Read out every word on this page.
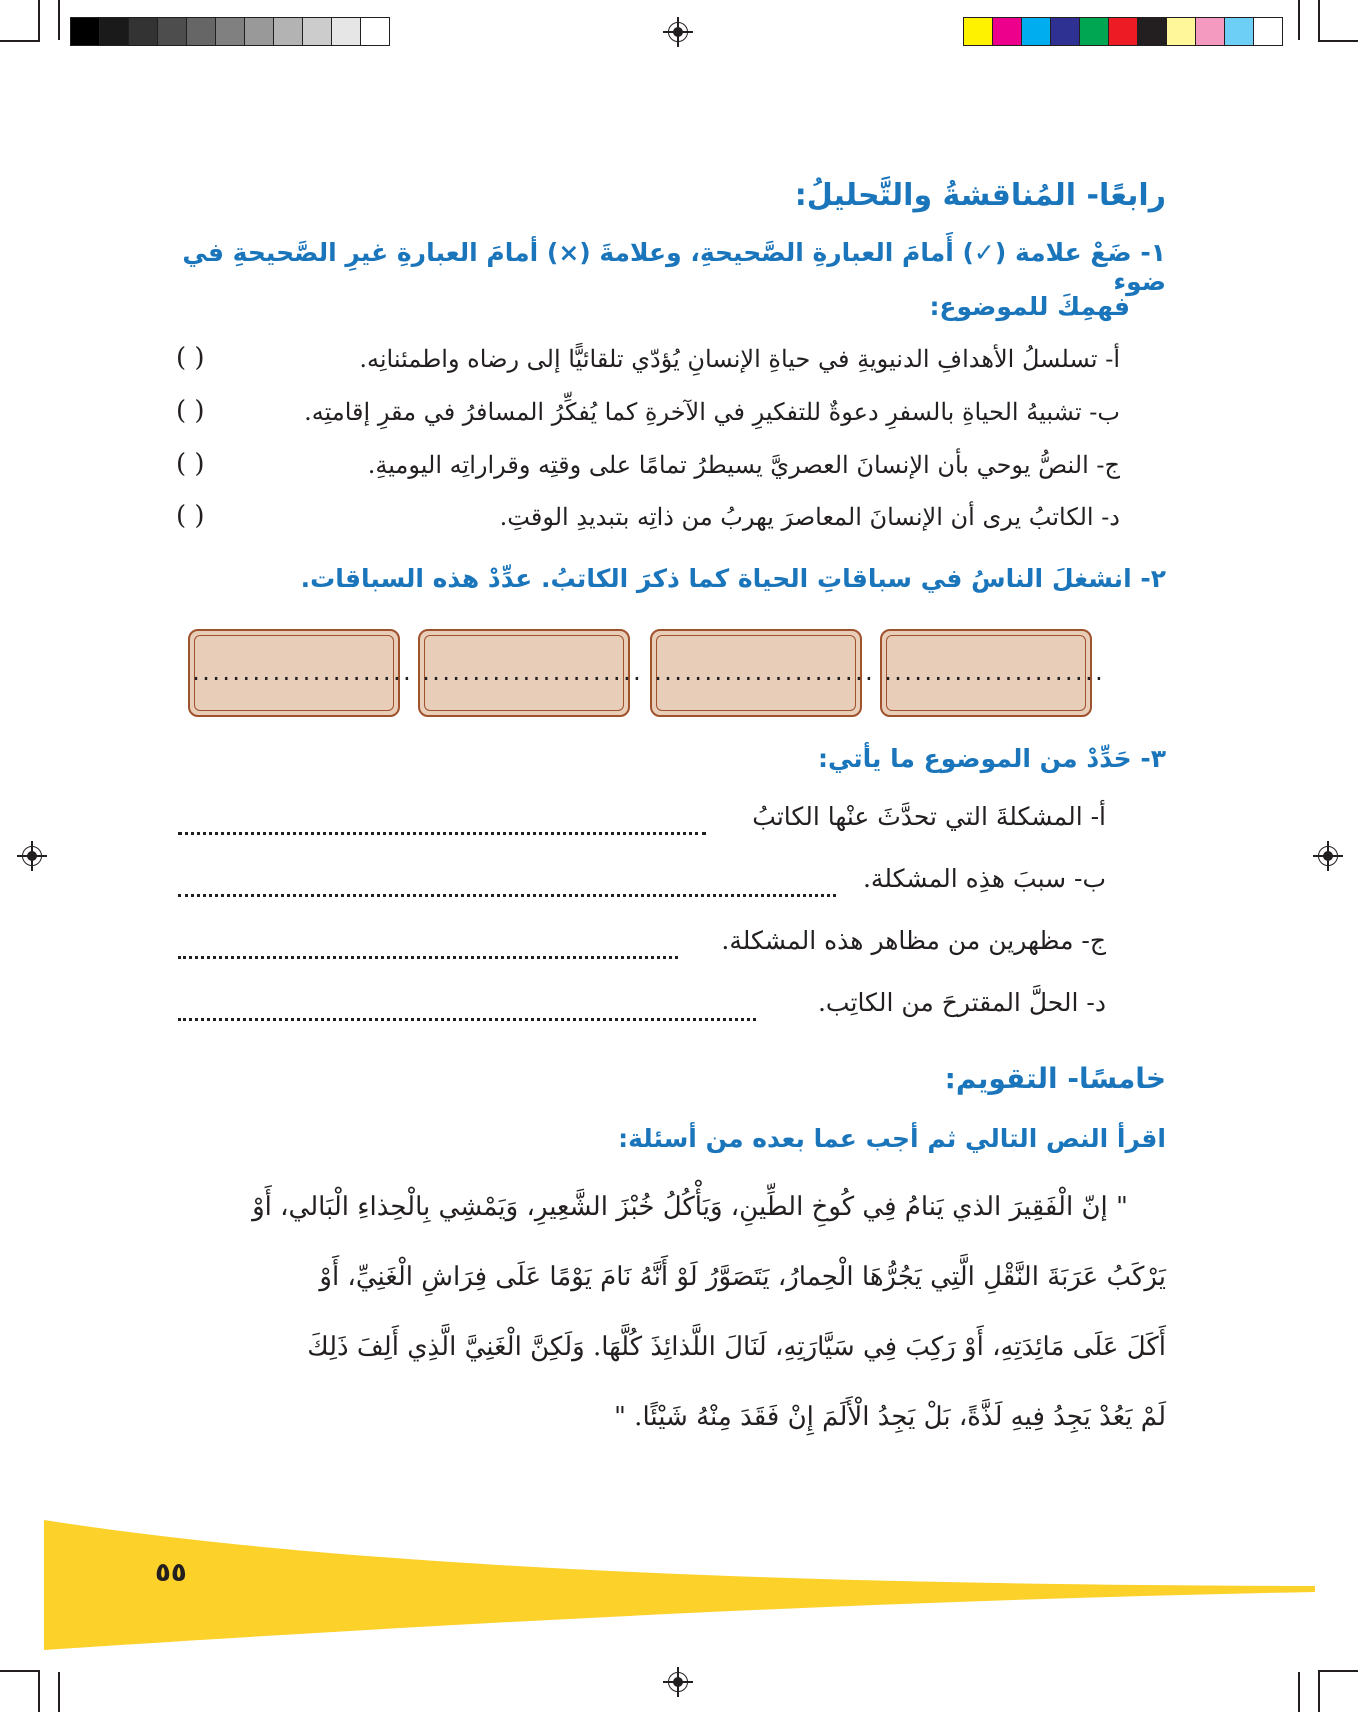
رابعًا- المُناقشةُ والتَّحليلُ:
١- ضَعْ علامة (✓) أَمامَ العبارةِ الصَّحيحةِ، وعلامةَ (×) أمامَ العبارةِ غيرِ الصَّحيحةِ في ضوء
فهمِكَ للموضوع:
أ- تسلسلُ الأهدافِ الدنيويةِ في حياةِ الإنسانِ يُؤدّي تلقائيًّا إلى رضاه واطمئنانِه.
ب- تشبيهُ الحياةِ بالسفرِ دعوةٌ للتفكيرِ في الآخرةِ كما يُفكِّرُ المسافرُ في مقرِ إقامتِه.
ج- النصُّ يوحي بأن الإنسانَ العصريَّ يسيطرُ تمامًا على وقتِه وقراراتِه اليوميةِ.
د- الكاتبُ يرى أن الإنسانَ المعاصرَ يهربُ من ذاتِه بتبديدِ الوقتِ.
( )
( )
( )
( )
٢- انشغلَ الناسُ في سباقاتِ الحياة كما ذكرَ الكاتبُ. عدِّدْ هذه السباقات.
......................
......................
......................
......................
٣- حَدِّدْ من الموضوع ما يأتي:
أ- المشكلةَ التي تحدَّثَ عنْها الكاتبُ
ب- سببَ هذِه المشكلة.
ج- مظهرين من مظاهر هذه المشكلة.
د- الحلَّ المقترحَ من الكاتِب.
خامسًا- التقويم:
اقرأ النص التالي ثم أجب عما بعده من أسئلة:
" إنّ الْفَقِيرَ الذي يَنامُ فِي كُوخِ الطِّينِ، وَيَأْكُلُ خُبْزَ الشَّعِيرِ، وَيَمْشِي بِالْحِذاءِ الْبَالي، أَوْ
يَرْكَبُ عَرَبَةَ النَّقْلِ الَّتِي يَجُرُّهَا الْحِمارُ، يَتَصَوَّرُ لَوْ أَنَّهُ نَامَ يَوْمًا عَلَى فِرَاشِ الْغَنِيِّ، أَوْ
أَكَلَ عَلَى مَائِدَتِهِ، أَوْ رَكِبَ فِي سَيَّارَتِهِ، لَنَالَ اللَّذائِذَ كُلَّهَا. وَلَكِنَّ الْغَنِيَّ الَّذِي أَلِفَ ذَلِكَ
لَمْ يَعُدْ يَجِدُ فِيهِ لَذَّةً، بَلْ يَجِدُ الْأَلَمَ إِنْ فَقَدَ مِنْهُ شَيْئًا. "
٥٥
